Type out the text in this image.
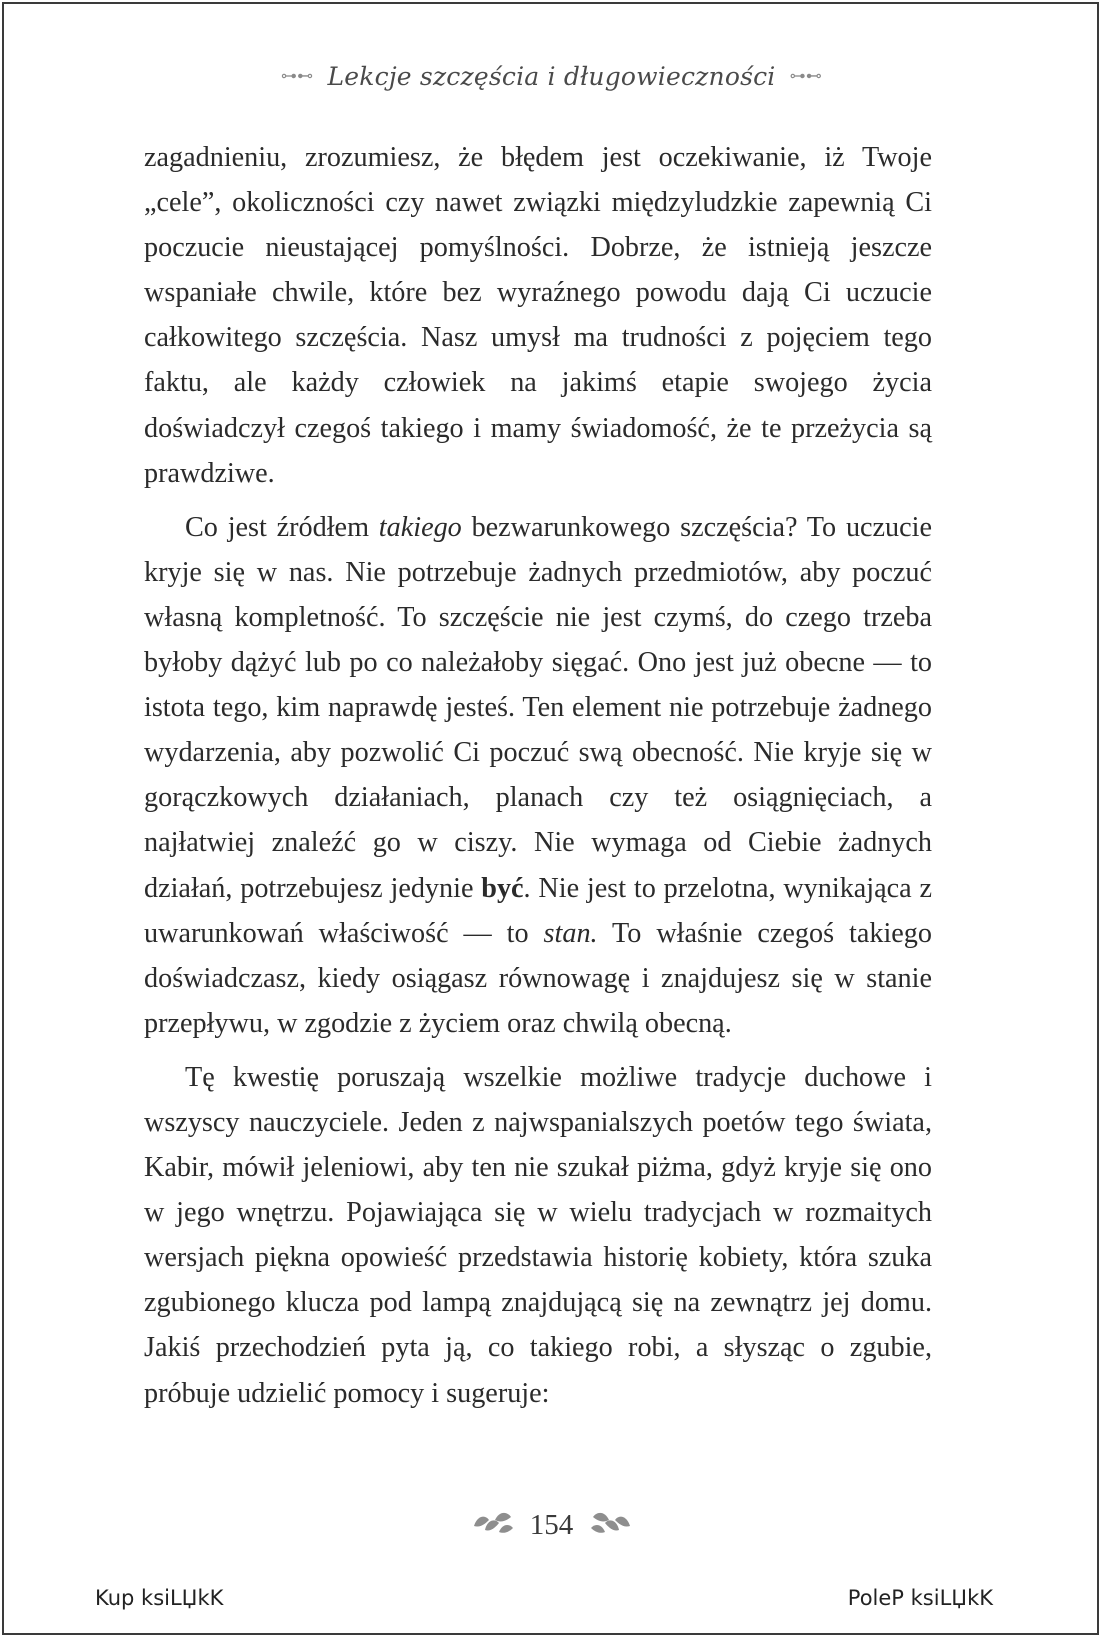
⊶⊷ Lekcje szczęścia i długowieczności ⊶⊷

zagadnieniu, zrozumiesz, że błędem jest oczekiwanie, iż Twoje „cele”, okoliczności czy nawet związki międzyludzkie zapewnią Ci poczucie nieustającej pomyślności. Dobrze, że istnieją jeszcze wspaniałe chwile, które bez wyraźnego powodu dają Ci uczucie całkowitego szczęścia. Nasz umysł ma trudności z pojęciem tego faktu, ale każdy człowiek na jakimś etapie swojego życia doświadczył czegoś takiego i mamy świadomość, że te przeżycia są prawdziwe.

Co jest źródłem takiego bezwarunkowego szczęścia? To uczucie kryje się w nas. Nie potrzebuje żadnych przedmiotów, aby poczuć własną kompletność. To szczęście nie jest czymś, do czego trzeba byłoby dążyć lub po co należałoby sięgać. Ono jest już obecne — to istota tego, kim naprawdę jesteś. Ten element nie potrzebuje żadnego wydarzenia, aby pozwolić Ci poczuć swą obecność. Nie kryje się w gorączkowych działaniach, planach czy też osiągnięciach, a najłatwiej znaleźć go w ciszy. Nie wymaga od Ciebie żadnych działań, potrzebujesz jedynie być. Nie jest to przelotna, wynikająca z uwarunkowań właściwość — to stan. To właśnie czegoś takiego doświadczasz, kiedy osiągasz równowagę i znajdujesz się w stanie przepływu, w zgodzie z życiem oraz chwilą obecną.

Tę kwestię poruszają wszelkie możliwe tradycje duchowe i wszyscy nauczyciele. Jeden z najwspanialszych poetów tego świata, Kabir, mówił jeleniowi, aby ten nie szukał piżma, gdyż kryje się ono w jego wnętrzu. Pojawiająca się w wielu tradycjach w rozmaitych wersjach piękna opowieść przedstawia historię kobiety, która szuka zgubionego klucza pod lampą znajdującą się na zewnątrz jej domu. Jakiś przechodzień pyta ją, co takiego robi, a słysząc o zgubie, próbuje udzielić pomocy i sugeruje:

154
Kup ksiLЏkK	PoleP ksiLЏkK
